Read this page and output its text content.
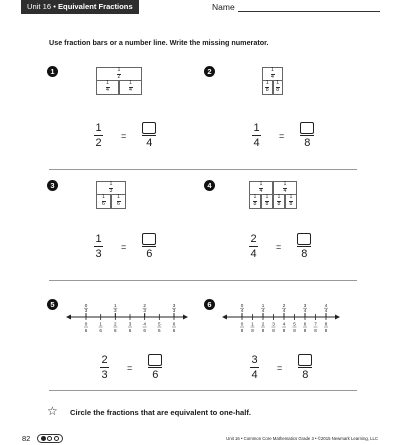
Unit 16 • Equivalent Fractions	Name
Use fraction bars or a number line. Write the missing numerator.
1	1
2
1
4
1
4
$\frac{1}{2}$ =
4
2	1
4
1
8
1
8
$\frac{1}{4}$ =
8
3	1
3
1
6
1
6
$\frac{1}{3}$ =
6
4	1
4
1
4
1
8
1
8
1
8
1
8
$\frac{2}{4}$ =
8
5
0
6
1
6
2
6
3
6
4
6
5
6
6
6
0
3
1
3
2
3
3
3
$\frac{2}{3}$ =
6
6
0
8
1
8
2
8
3
8
4
8
5
8
6
8
7
8
8
8
0
4
1
4
2
4
3
4
4
4
$\frac{3}{4}$ =
8
☆ Circle the fractions that are equivalent to one-half.
82	Unit 16 • Common Core Mathematics Grade 3 • ©2015 Newmark Learning, LLC
